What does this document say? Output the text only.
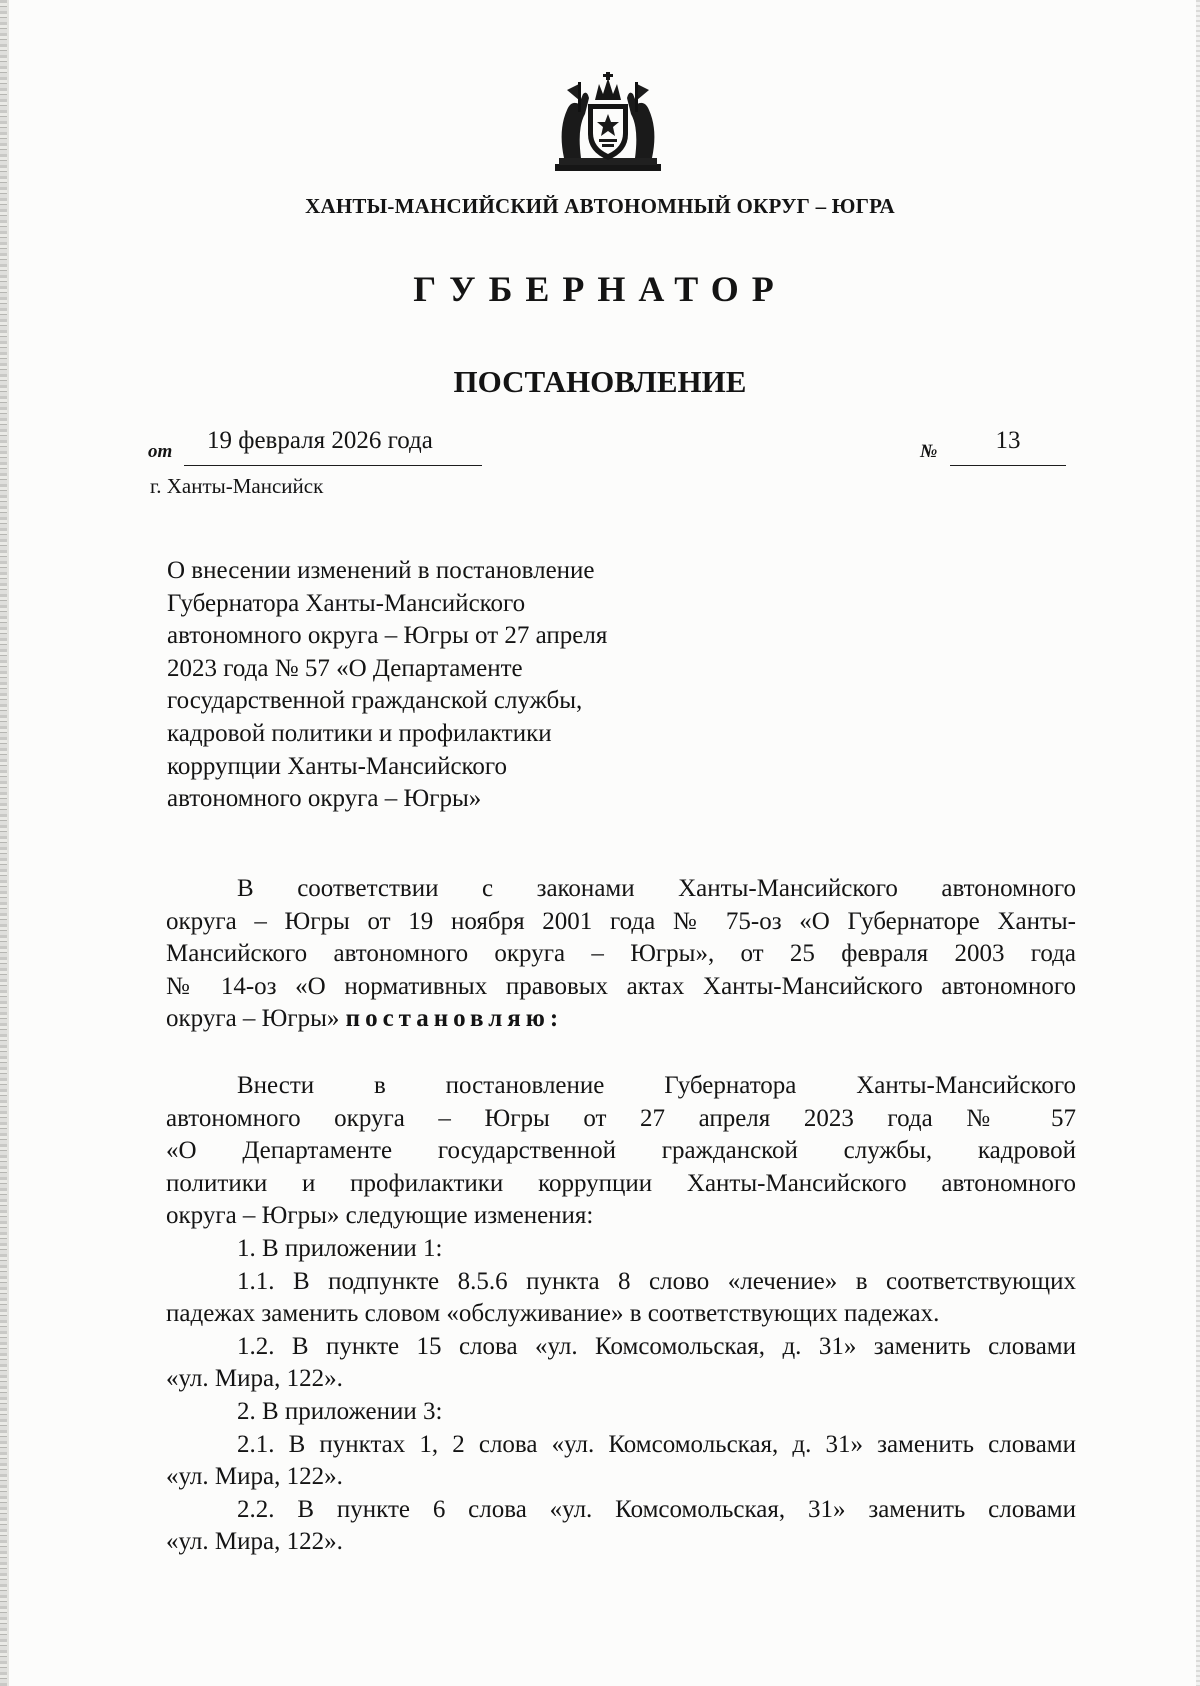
ХАНТЫ-МАНСИЙСКИЙ АВТОНОМНЫЙ ОКРУГ – ЮГРА
ГУБЕРНАТОР
ПОСТАНОВЛЕНИЕ
от	19 февраля 2026 года	№	13
г. Ханты-Мансийск

О внесении изменений в постановление
Губернатора Ханты-Мансийского
автономного округа – Югры от 27 апреля
2023 года № 57 «О Департаменте
государственной гражданской службы,
кадровой политики и профилактики
коррупции Ханты-Мансийского
автономного округа – Югры»

В соответствии с законами Ханты-Мансийского автономного
округа – Югры от 19 ноября 2001 года № 75-оз «О Губернаторе Ханты-
Мансийского автономного округа – Югры», от 25 февраля 2003 года
№ 14-оз «О нормативных правовых актах Ханты-Мансийского автономного
округа – Югры» постановляю:

Внести в постановление Губернатора Ханты-Мансийского
автономного округа – Югры от 27 апреля 2023 года № 57
«О Департаменте государственной гражданской службы, кадровой
политики и профилактики коррупции Ханты-Мансийского автономного
округа – Югры» следующие изменения:
1. В приложении 1:
1.1. В подпункте 8.5.6 пункта 8 слово «лечение» в соответствующих
падежах заменить словом «обслуживание» в соответствующих падежах.
1.2. В пункте 15 слова «ул. Комсомольская, д. 31» заменить словами
«ул. Мира, 122».
2. В приложении 3:
2.1. В пунктах 1, 2 слова «ул. Комсомольская, д. 31» заменить словами
«ул. Мира, 122».
2.2. В пункте 6 слова «ул. Комсомольская, 31» заменить словами
«ул. Мира, 122».
